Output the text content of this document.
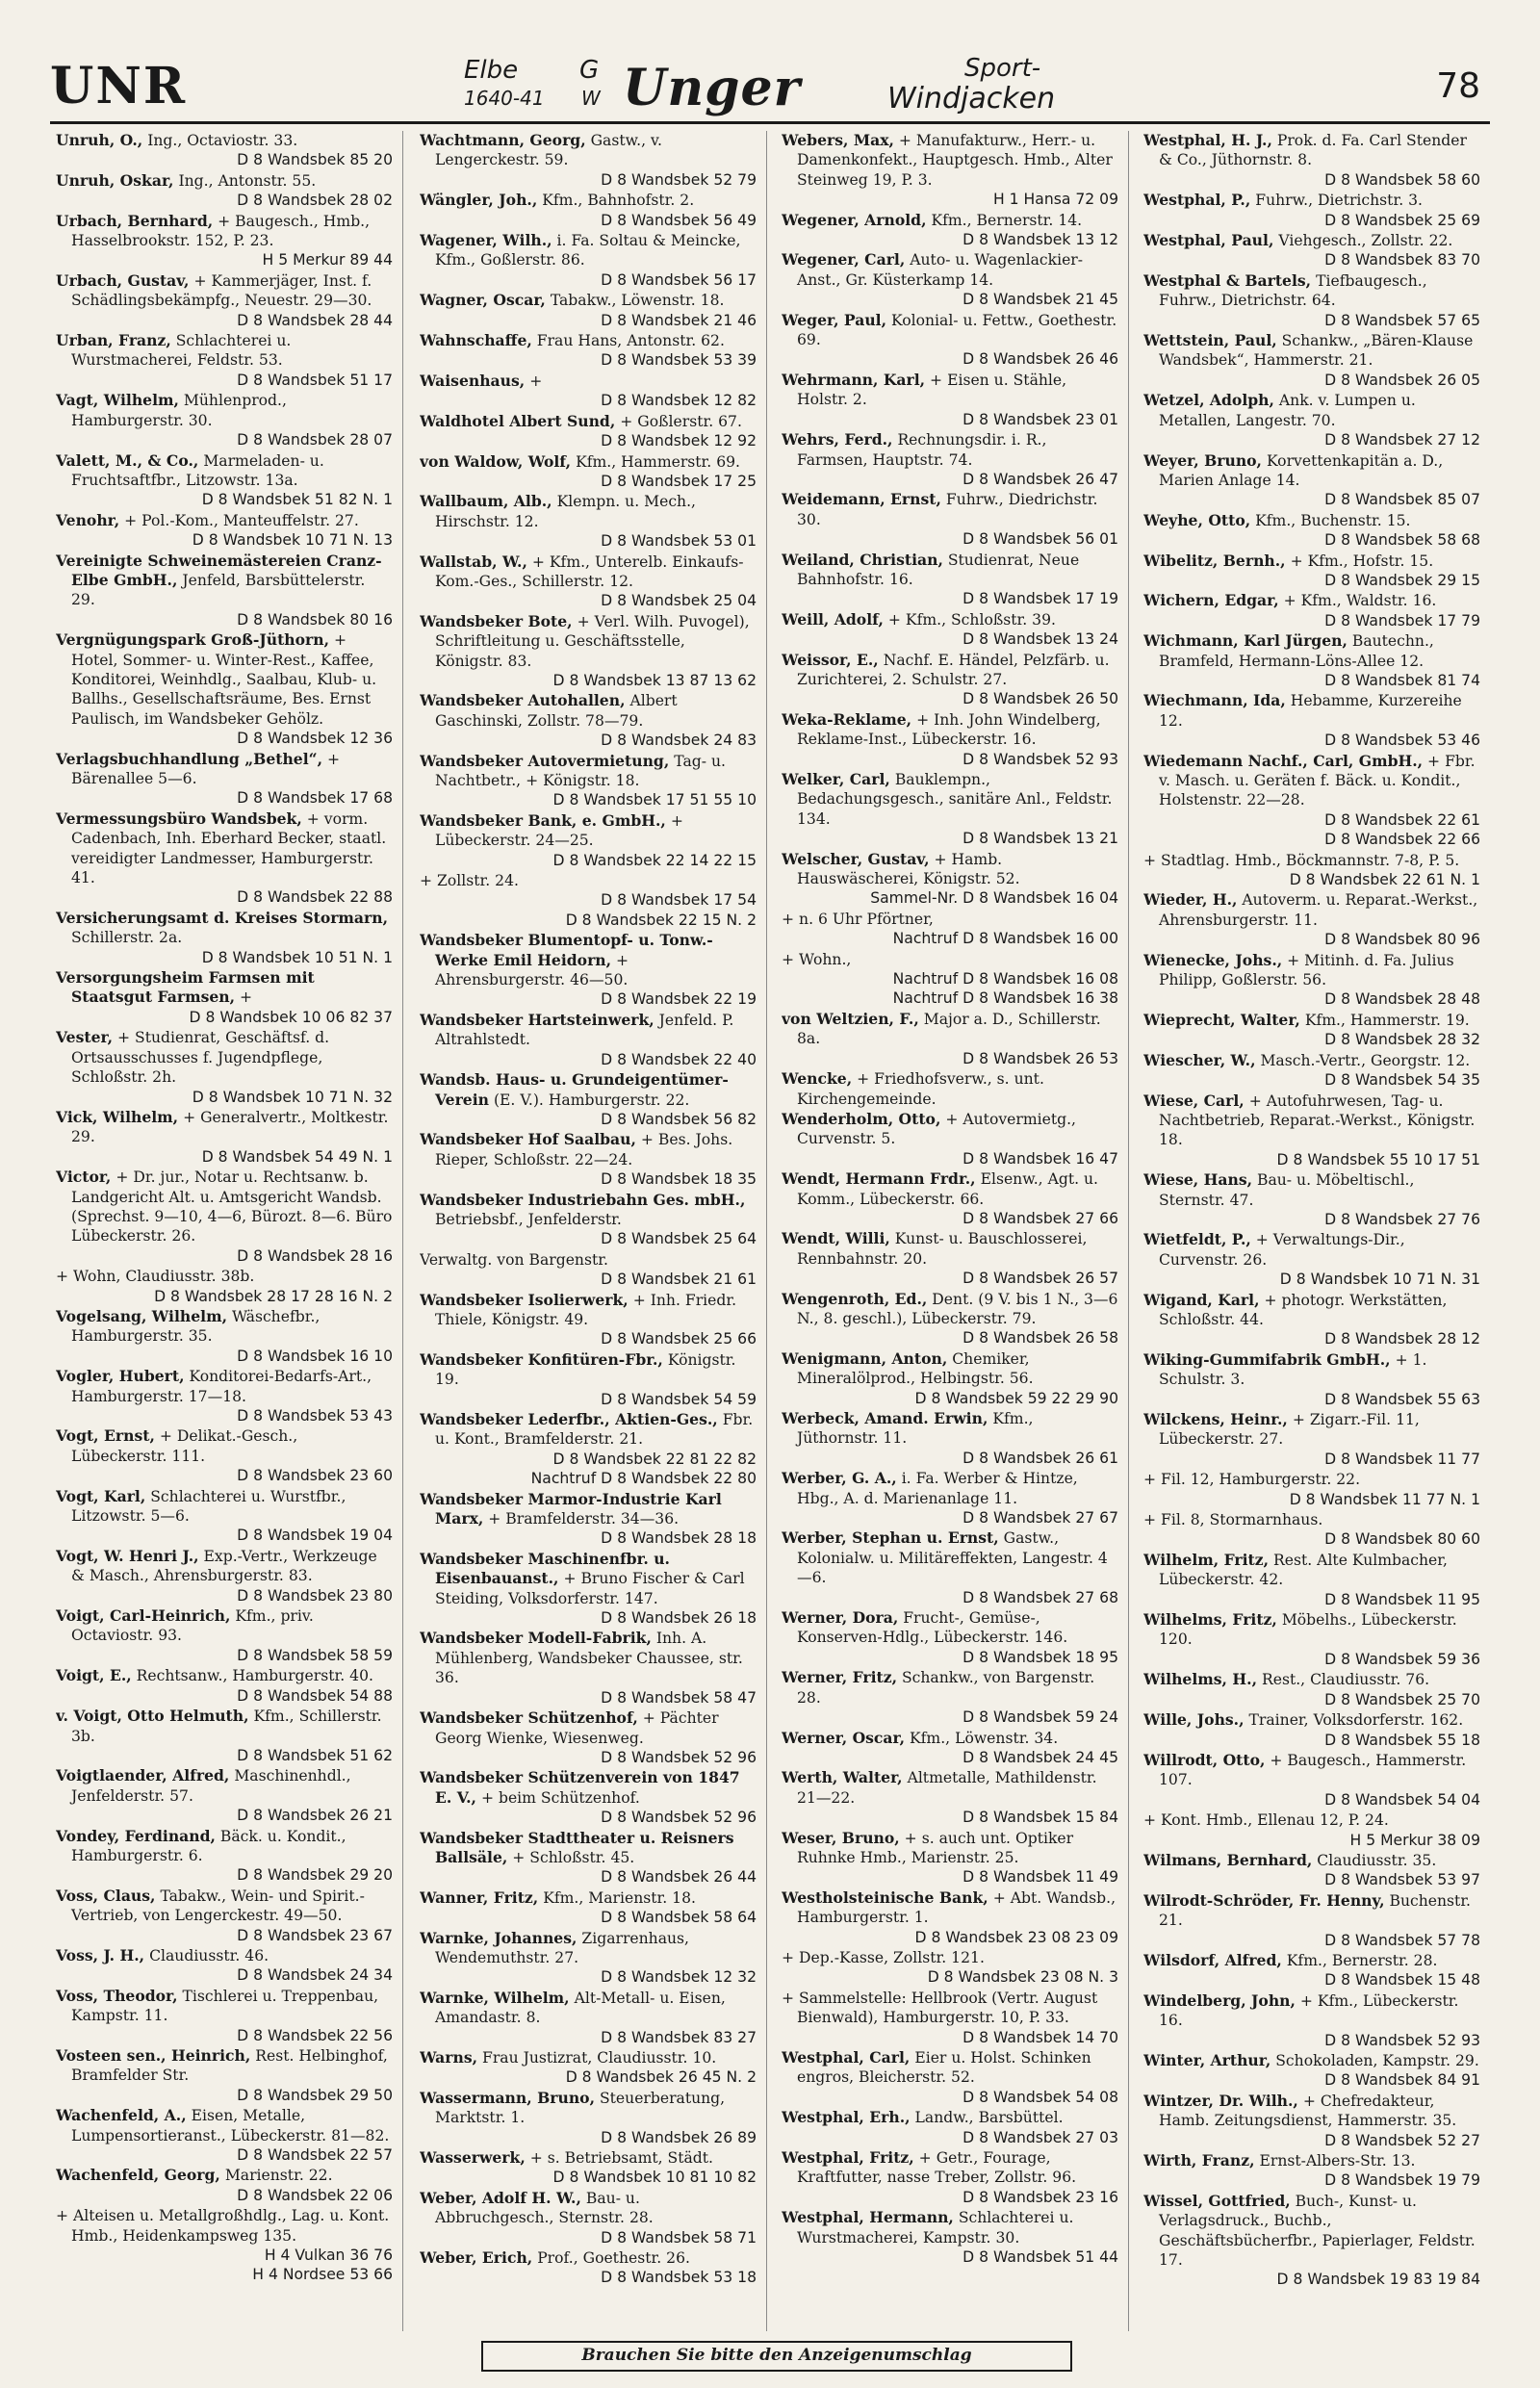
UNR	Elbe
1640-41
G
W Unger	Sport-
Windjacken	78
Unruh, O., Ing., Octaviostr. 33.
D 8 Wandsbek 85 20
Unruh, Oskar, Ing., Antonstr. 55.
D 8 Wandsbek 28 02
Urbach, Bernhard, + Baugesch., Hmb., Hasselbrookstr. 152, P. 23.
H 5 Merkur 89 44
Urbach, Gustav, + Kammerjäger, Inst. f. Schädlingsbekämpfg., Neuestr. 29—30.
D 8 Wandsbek 28 44
Urban, Franz, Schlachterei u. Wurstmacherei, Feldstr. 53.
D 8 Wandsbek 51 17
Vagt, Wilhelm, Mühlenprod., Hamburgerstr. 30.
D 8 Wandsbek 28 07
Valett, M., & Co., Marmeladen- u. Fruchtsaftfbr., Litzowstr. 13a.
D 8 Wandsbek 51 82 N. 1
Venohr, + Pol.-Kom., Manteuffelstr. 27.
D 8 Wandsbek 10 71 N. 13
Vereinigte Schweinemästereien Cranz-Elbe GmbH., Jenfeld, Barsbüttelerstr. 29.
D 8 Wandsbek 80 16
Vergnügungspark Groß-Jüthorn, + Hotel, Sommer- u. Winter-Rest., Kaffee, Konditorei, Weinhdlg., Saalbau, Klub- u. Ballhs., Gesellschaftsräume, Bes. Ernst Paulisch, im Wandsbeker Gehölz.
D 8 Wandsbek 12 36
Verlagsbuchhandlung „Bethel“, + Bärenallee 5—6.
D 8 Wandsbek 17 68
Vermessungsbüro Wandsbek, + vorm. Cadenbach, Inh. Eberhard Becker, staatl. vereidigter Landmesser, Hamburgerstr. 41.
D 8 Wandsbek 22 88
Versicherungsamt d. Kreises Stormarn, Schillerstr. 2a.
D 8 Wandsbek 10 51 N. 1
Versorgungsheim Farmsen mit Staatsgut Farmsen, +
D 8 Wandsbek 10 06 82 37
Vester, + Studienrat, Geschäftsf. d. Ortsausschusses f. Jugendpflege, Schloßstr. 2h.
D 8 Wandsbek 10 71 N. 32
Vick, Wilhelm, + Generalvertr., Moltkestr. 29.
D 8 Wandsbek 54 49 N. 1
Victor, + Dr. jur., Notar u. Rechtsanw. b. Landgericht Alt. u. Amtsgericht Wandsb. (Sprechst. 9—10, 4—6, Bürozt. 8—6. Büro Lübeckerstr. 26.
D 8 Wandsbek 28 16
+ Wohn, Claudiusstr. 38b.
D 8 Wandsbek 28 17 28 16 N. 2
Vogelsang, Wilhelm, Wäschefbr., Hamburgerstr. 35.
D 8 Wandsbek 16 10
Vogler, Hubert, Konditorei-Bedarfs-Art., Hamburgerstr. 17—18.
D 8 Wandsbek 53 43
Vogt, Ernst, + Delikat.-Gesch., Lübeckerstr. 111.
D 8 Wandsbek 23 60
Vogt, Karl, Schlachterei u. Wurstfbr., Litzowstr. 5—6.
D 8 Wandsbek 19 04
Vogt, W. Henri J., Exp.-Vertr., Werkzeuge & Masch., Ahrensburgerstr. 83.
D 8 Wandsbek 23 80
Voigt, Carl-Heinrich, Kfm., priv. Octaviostr. 93.
D 8 Wandsbek 58 59
Voigt, E., Rechtsanw., Hamburgerstr. 40.
D 8 Wandsbek 54 88
v. Voigt, Otto Helmuth, Kfm., Schillerstr. 3b.
D 8 Wandsbek 51 62
Voigtlaender, Alfred, Maschinenhdl., Jenfelderstr. 57.
D 8 Wandsbek 26 21
Vondey, Ferdinand, Bäck. u. Kondit., Hamburgerstr. 6.
D 8 Wandsbek 29 20
Voss, Claus, Tabakw., Wein- und Spirit.-Vertrieb, von Lengerckestr. 49—50.
D 8 Wandsbek 23 67
Voss, J. H., Claudiusstr. 46.
D 8 Wandsbek 24 34
Voss, Theodor, Tischlerei u. Treppenbau, Kampstr. 11.
D 8 Wandsbek 22 56
Vosteen sen., Heinrich, Rest. Helbinghof, Bramfelder Str.
D 8 Wandsbek 29 50
Wachenfeld, A., Eisen, Metalle, Lumpensortieranst., Lübeckerstr. 81—82.
D 8 Wandsbek 22 57
Wachenfeld, Georg, Marienstr. 22.
D 8 Wandsbek 22 06
+ Alteisen u. Metallgroßhdlg., Lag. u. Kont. Hmb., Heidenkampsweg 135.
H 4 Vulkan 36 76
H 4 Nordsee 53 66
Wachtmann, Georg, Gastw., v. Lengerckestr. 59.
D 8 Wandsbek 52 79
Wängler, Joh., Kfm., Bahnhofstr. 2.
D 8 Wandsbek 56 49
Wagener, Wilh., i. Fa. Soltau & Meincke, Kfm., Goßlerstr. 86.
D 8 Wandsbek 56 17
Wagner, Oscar, Tabakw., Löwenstr. 18.
D 8 Wandsbek 21 46
Wahnschaffe, Frau Hans, Antonstr. 62.
D 8 Wandsbek 53 39
Waisenhaus, +
D 8 Wandsbek 12 82
Waldhotel Albert Sund, + Goßlerstr. 67.
D 8 Wandsbek 12 92
von Waldow, Wolf, Kfm., Hammerstr. 69.
D 8 Wandsbek 17 25
Wallbaum, Alb., Klempn. u. Mech., Hirschstr. 12.
D 8 Wandsbek 53 01
Wallstab, W., + Kfm., Unterelb. Einkaufs-Kom.-Ges., Schillerstr. 12.
D 8 Wandsbek 25 04
Wandsbeker Bote, + Verl. Wilh. Puvogel), Schriftleitung u. Geschäftsstelle, Königstr. 83.
D 8 Wandsbek 13 87 13 62
Wandsbeker Autohallen, Albert Gaschinski, Zollstr. 78—79.
D 8 Wandsbek 24 83
Wandsbeker Autovermietung, Tag- u. Nachtbetr., + Königstr. 18.
D 8 Wandsbek 17 51 55 10
Wandsbeker Bank, e. GmbH., + Lübeckerstr. 24—25.
D 8 Wandsbek 22 14 22 15
+ Zollstr. 24.
D 8 Wandsbek 17 54
D 8 Wandsbek 22 15 N. 2
Wandsbeker Blumentopf- u. Tonw.-Werke Emil Heidorn, + Ahrensburgerstr. 46—50.
D 8 Wandsbek 22 19
Wandsbeker Hartsteinwerk, Jenfeld. P. Altrahlstedt.
D 8 Wandsbek 22 40
Wandsb. Haus- u. Grundeigentümer-Verein (E. V.). Hamburgerstr. 22.
D 8 Wandsbek 56 82
Wandsbeker Hof Saalbau, + Bes. Johs. Rieper, Schloßstr. 22—24.
D 8 Wandsbek 18 35
Wandsbeker Industriebahn Ges. mbH., Betriebsbf., Jenfelderstr.
D 8 Wandsbek 25 64
Verwaltg. von Bargenstr.
D 8 Wandsbek 21 61
Wandsbeker Isolierwerk, + Inh. Friedr. Thiele, Königstr. 49.
D 8 Wandsbek 25 66
Wandsbeker Konfitüren-Fbr., Königstr. 19.
D 8 Wandsbek 54 59
Wandsbeker Lederfbr., Aktien-Ges., Fbr. u. Kont., Bramfelderstr. 21.
D 8 Wandsbek 22 81 22 82
Nachtruf D 8 Wandsbek 22 80
Wandsbeker Marmor-Industrie Karl Marx, + Bramfelderstr. 34—36.
D 8 Wandsbek 28 18
Wandsbeker Maschinenfbr. u. Eisenbauanst., + Bruno Fischer & Carl Steiding, Volksdorferstr. 147.
D 8 Wandsbek 26 18
Wandsbeker Modell-Fabrik, Inh. A. Mühlenberg, Wandsbeker Chaussee, str. 36.
D 8 Wandsbek 58 47
Wandsbeker Schützenhof, + Pächter Georg Wienke, Wiesenweg.
D 8 Wandsbek 52 96
Wandsbeker Schützenverein von 1847 E. V., + beim Schützenhof.
D 8 Wandsbek 52 96
Wandsbeker Stadttheater u. Reisners Ballsäle, + Schloßstr. 45.
D 8 Wandsbek 26 44
Wanner, Fritz, Kfm., Marienstr. 18.
D 8 Wandsbek 58 64
Warnke, Johannes, Zigarrenhaus, Wendemuthstr. 27.
D 8 Wandsbek 12 32
Warnke, Wilhelm, Alt-Metall- u. Eisen, Amandastr. 8.
D 8 Wandsbek 83 27
Warns, Frau Justizrat, Claudiusstr. 10.
D 8 Wandsbek 26 45 N. 2
Wassermann, Bruno, Steuerberatung, Marktstr. 1.
D 8 Wandsbek 26 89
Wasserwerk, + s. Betriebsamt, Städt.
D 8 Wandsbek 10 81 10 82
Weber, Adolf H. W., Bau- u. Abbruchgesch., Sternstr. 28.
D 8 Wandsbek 58 71
Weber, Erich, Prof., Goethestr. 26.
D 8 Wandsbek 53 18
Webers, Max, + Manufakturw., Herr.- u. Damenkonfekt., Hauptgesch. Hmb., Alter Steinweg 19, P. 3.
H 1 Hansa 72 09
Wegener, Arnold, Kfm., Bernerstr. 14.
D 8 Wandsbek 13 12
Wegener, Carl, Auto- u. Wagenlackier-Anst., Gr. Küsterkamp 14.
D 8 Wandsbek 21 45
Weger, Paul, Kolonial- u. Fettw., Goethestr. 69.
D 8 Wandsbek 26 46
Wehrmann, Karl, + Eisen u. Stähle, Holstr. 2.
D 8 Wandsbek 23 01
Wehrs, Ferd., Rechnungsdir. i. R., Farmsen, Hauptstr. 74.
D 8 Wandsbek 26 47
Weidemann, Ernst, Fuhrw., Diedrichstr. 30.
D 8 Wandsbek 56 01
Weiland, Christian, Studienrat, Neue Bahnhofstr. 16.
D 8 Wandsbek 17 19
Weill, Adolf, + Kfm., Schloßstr. 39.
D 8 Wandsbek 13 24
Weissor, E., Nachf. E. Händel, Pelzfärb. u. Zurichterei, 2. Schulstr. 27.
D 8 Wandsbek 26 50
Weka-Reklame, + Inh. John Windelberg, Reklame-Inst., Lübeckerstr. 16.
D 8 Wandsbek 52 93
Welker, Carl, Bauklempn., Bedachungsgesch., sanitäre Anl., Feldstr. 134.
D 8 Wandsbek 13 21
Welscher, Gustav, + Hamb. Hauswäscherei, Königstr. 52.
Sammel-Nr. D 8 Wandsbek 16 04
+ n. 6 Uhr Pförtner,
Nachtruf D 8 Wandsbek 16 00
+ Wohn.,
Nachtruf D 8 Wandsbek 16 08
Nachtruf D 8 Wandsbek 16 38
von Weltzien, F., Major a. D., Schillerstr. 8a.
D 8 Wandsbek 26 53
Wencke, + Friedhofsverw., s. unt. Kirchengemeinde.
Wenderholm, Otto, + Autovermietg., Curvenstr. 5.
D 8 Wandsbek 16 47
Wendt, Hermann Frdr., Elsenw., Agt. u. Komm., Lübeckerstr. 66.
D 8 Wandsbek 27 66
Wendt, Willi, Kunst- u. Bauschlosserei, Rennbahnstr. 20.
D 8 Wandsbek 26 57
Wengenroth, Ed., Dent. (9 V. bis 1 N., 3—6 N., 8. geschl.), Lübeckerstr. 79.
D 8 Wandsbek 26 58
Wenigmann, Anton, Chemiker, Mineralölprod., Helbingstr. 56.
D 8 Wandsbek 59 22 29 90
Werbeck, Amand. Erwin, Kfm., Jüthornstr. 11.
D 8 Wandsbek 26 61
Werber, G. A., i. Fa. Werber & Hintze, Hbg., A. d. Marienanlage 11.
D 8 Wandsbek 27 67
Werber, Stephan u. Ernst, Gastw., Kolonialw. u. Militäreffekten, Langestr. 4—6.
D 8 Wandsbek 27 68
Werner, Dora, Frucht-, Gemüse-, Konserven-Hdlg., Lübeckerstr. 146.
D 8 Wandsbek 18 95
Werner, Fritz, Schankw., von Bargenstr. 28.
D 8 Wandsbek 59 24
Werner, Oscar, Kfm., Löwenstr. 34.
D 8 Wandsbek 24 45
Werth, Walter, Altmetalle, Mathildenstr. 21—22.
D 8 Wandsbek 15 84
Weser, Bruno, + s. auch unt. Optiker Ruhnke Hmb., Marienstr. 25.
D 8 Wandsbek 11 49
Westholsteinische Bank, + Abt. Wandsb., Hamburgerstr. 1.
D 8 Wandsbek 23 08 23 09
+ Dep.-Kasse, Zollstr. 121.
D 8 Wandsbek 23 08 N. 3
+ Sammelstelle: Hellbrook (Vertr. August Bienwald), Hamburgerstr. 10, P. 33.
D 8 Wandsbek 14 70
Westphal, Carl, Eier u. Holst. Schinken engros, Bleicherstr. 52.
D 8 Wandsbek 54 08
Westphal, Erh., Landw., Barsbüttel.
D 8 Wandsbek 27 03
Westphal, Fritz, + Getr., Fourage, Kraftfutter, nasse Treber, Zollstr. 96.
D 8 Wandsbek 23 16
Westphal, Hermann, Schlachterei u. Wurstmacherei, Kampstr. 30.
D 8 Wandsbek 51 44
Westphal, H. J., Prok. d. Fa. Carl Stender & Co., Jüthornstr. 8.
D 8 Wandsbek 58 60
Westphal, P., Fuhrw., Dietrichstr. 3.
D 8 Wandsbek 25 69
Westphal, Paul, Viehgesch., Zollstr. 22.
D 8 Wandsbek 83 70
Westphal & Bartels, Tiefbaugesch., Fuhrw., Dietrichstr. 64.
D 8 Wandsbek 57 65
Wettstein, Paul, Schankw., „Bären-Klause Wandsbek“, Hammerstr. 21.
D 8 Wandsbek 26 05
Wetzel, Adolph, Ank. v. Lumpen u. Metallen, Langestr. 70.
D 8 Wandsbek 27 12
Weyer, Bruno, Korvettenkapitän a. D., Marien Anlage 14.
D 8 Wandsbek 85 07
Weyhe, Otto, Kfm., Buchenstr. 15.
D 8 Wandsbek 58 68
Wibelitz, Bernh., + Kfm., Hofstr. 15.
D 8 Wandsbek 29 15
Wichern, Edgar, + Kfm., Waldstr. 16.
D 8 Wandsbek 17 79
Wichmann, Karl Jürgen, Bautechn., Bramfeld, Hermann-Löns-Allee 12.
D 8 Wandsbek 81 74
Wiechmann, Ida, Hebamme, Kurzereihe 12.
D 8 Wandsbek 53 46
Wiedemann Nachf., Carl, GmbH., + Fbr. v. Masch. u. Geräten f. Bäck. u. Kondit., Holstenstr. 22—28.
D 8 Wandsbek 22 61
D 8 Wandsbek 22 66
+ Stadtlag. Hmb., Böckmannstr. 7-8, P. 5.
D 8 Wandsbek 22 61 N. 1
Wieder, H., Autoverm. u. Reparat.-Werkst., Ahrensburgerstr. 11.
D 8 Wandsbek 80 96
Wienecke, Johs., + Mitinh. d. Fa. Julius Philipp, Goßlerstr. 56.
D 8 Wandsbek 28 48
Wieprecht, Walter, Kfm., Hammerstr. 19.
D 8 Wandsbek 28 32
Wiescher, W., Masch.-Vertr., Georgstr. 12.
D 8 Wandsbek 54 35
Wiese, Carl, + Autofuhrwesen, Tag- u. Nachtbetrieb, Reparat.-Werkst., Königstr. 18.
D 8 Wandsbek 55 10 17 51
Wiese, Hans, Bau- u. Möbeltischl., Sternstr. 47.
D 8 Wandsbek 27 76
Wietfeldt, P., + Verwaltungs-Dir., Curvenstr. 26.
D 8 Wandsbek 10 71 N. 31
Wigand, Karl, + photogr. Werkstätten, Schloßstr. 44.
D 8 Wandsbek 28 12
Wiking-Gummifabrik GmbH., + 1. Schulstr. 3.
D 8 Wandsbek 55 63
Wilckens, Heinr., + Zigarr.-Fil. 11, Lübeckerstr. 27.
D 8 Wandsbek 11 77
+ Fil. 12, Hamburgerstr. 22.
D 8 Wandsbek 11 77 N. 1
+ Fil. 8, Stormarnhaus.
D 8 Wandsbek 80 60
Wilhelm, Fritz, Rest. Alte Kulmbacher, Lübeckerstr. 42.
D 8 Wandsbek 11 95
Wilhelms, Fritz, Möbelhs., Lübeckerstr. 120.
D 8 Wandsbek 59 36
Wilhelms, H., Rest., Claudiusstr. 76.
D 8 Wandsbek 25 70
Wille, Johs., Trainer, Volksdorferstr. 162.
D 8 Wandsbek 55 18
Willrodt, Otto, + Baugesch., Hammerstr. 107.
D 8 Wandsbek 54 04
+ Kont. Hmb., Ellenau 12, P. 24.
H 5 Merkur 38 09
Wilmans, Bernhard, Claudiusstr. 35.
D 8 Wandsbek 53 97
Wilrodt-Schröder, Fr. Henny, Buchenstr. 21.
D 8 Wandsbek 57 78
Wilsdorf, Alfred, Kfm., Bernerstr. 28.
D 8 Wandsbek 15 48
Windelberg, John, + Kfm., Lübeckerstr. 16.
D 8 Wandsbek 52 93
Winter, Arthur, Schokoladen, Kampstr. 29.
D 8 Wandsbek 84 91
Wintzer, Dr. Wilh., + Chefredakteur, Hamb. Zeitungsdienst, Hammerstr. 35.
D 8 Wandsbek 52 27
Wirth, Franz, Ernst-Albers-Str. 13.
D 8 Wandsbek 19 79
Wissel, Gottfried, Buch-, Kunst- u. Verlagsdruck., Buchb., Geschäftsbücherfbr., Papierlager, Feldstr. 17.
D 8 Wandsbek 19 83 19 84
Brauchen Sie bitte den Anzeigenumschlag
